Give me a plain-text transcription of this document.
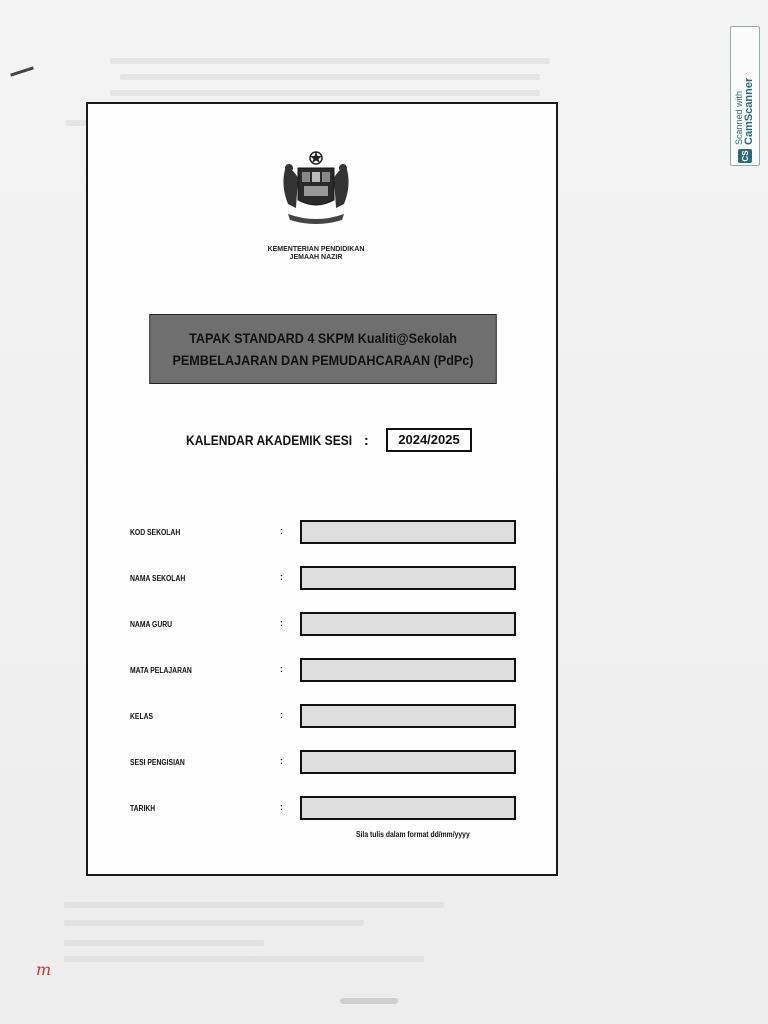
m
CS
Scanned with CamScanner
KEMENTERIAN PENDIDIKAN
JEMAAH NAZIR
TAPAK STANDARD 4 SKPM Kualiti@Sekolah
PEMBELAJARAN DAN PEMUDAHCARAAN (PdPc)
KALENDAR AKADEMIK SESI :	2024/2025
KOD SEKOLAH	:
NAMA SEKOLAH	:
NAMA GURU	:
MATA PELAJARAN	:
KELAS	:
SESI PENGISIAN	:
TARIKH	:
Sila tulis dalam format dd/mm/yyyy
